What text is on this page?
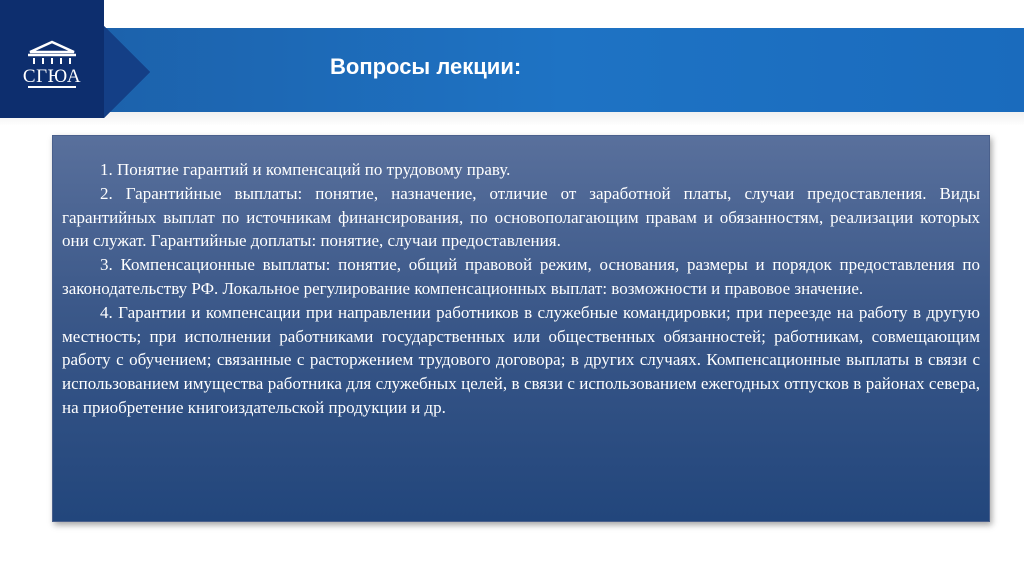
СГЮА	Вопросы лекции:

1. Понятие гарантий и компенсаций по трудовому праву.

2. Гарантийные выплаты: понятие, назначение, отличие от заработной платы, случаи предоставления. Виды гарантийных выплат по источникам финансирования, по основополагающим правам и обязанностям, реализации которых они служат. Гарантийные доплаты: понятие, случаи предоставления.

3. Компенсационные выплаты: понятие, общий правовой режим, основания, размеры и порядок предоставления по законодательству РФ. Локальное регулирование компенсационных выплат: возможности и правовое значение.

4. Гарантии и компенсации при направлении работников в служебные командировки; при переезде на работу в другую местность; при исполнении работниками государственных или общественных обязанностей; работникам, совмещающим работу с обучением; связанные с расторжением трудового договора; в других случаях. Компенсационные выплаты в связи с использованием имущества работника для служебных целей, в связи с использованием ежегодных отпусков в районах севера, на приобретение книгоиздательской продукции и др.
